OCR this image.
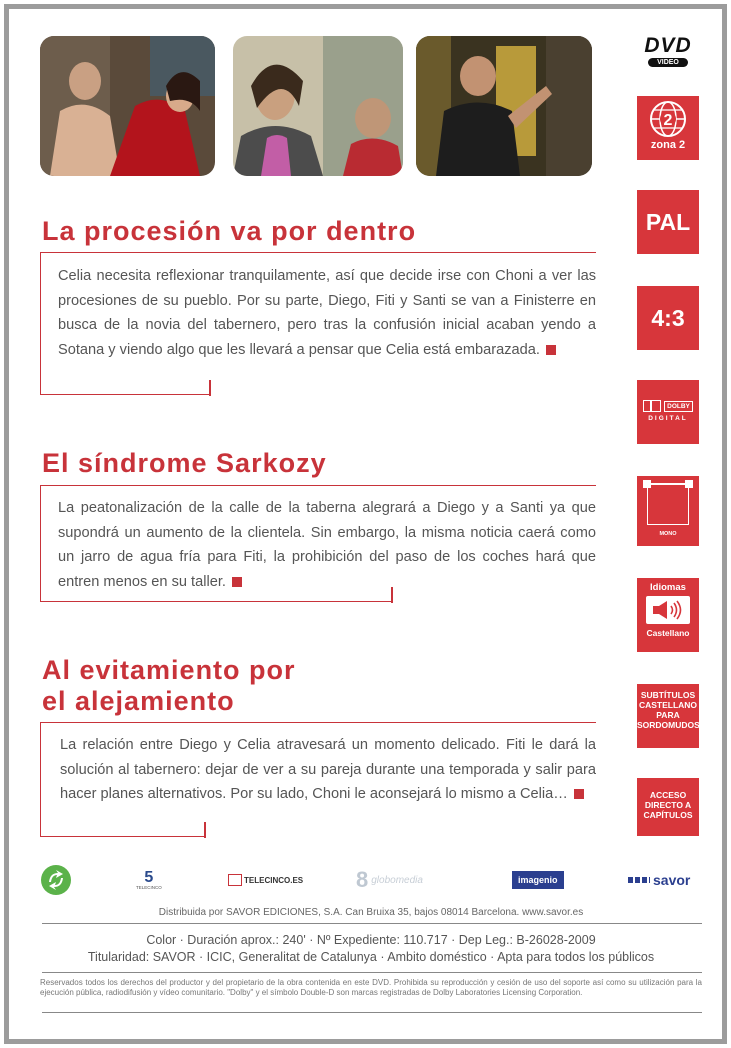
La procesión va por dentro

Celia necesita reflexionar tranquilamente, así que decide irse con Choni a ver las procesiones de su pueblo. Por su parte, Diego, Fiti y Santi se van a Finisterre en busca de la novia del tabernero, pero tras la confusión inicial acaban yendo a Sotana y viendo algo que les llevará a pensar que Celia está embarazada.

El síndrome Sarkozy

La peatonalización de la calle de la taberna alegrará a Diego y a Santi ya que supondrá un aumento de la clientela. Sin embargo, la misma noticia caerá como un jarro de agua fría para Fiti, la prohibición del paso de los coches hará que entren menos en su taller.

Al evitamiento por
el alejamiento

La relación entre Diego y Celia atravesará un momento delicado. Fiti le dará la solución al tabernero: dejar de ver a su pareja durante una temporada y salir para hacer planes alternativos. Por su lado, Choni le aconsejará lo mismo a Celia…

DVD
VIDEO
2
zona 2
PAL
4:3
DOLBY
DIGITAL
MONO
Idiomas
Castellano
SUBTÍTULOS
CASTELLANO
PARA
SORDOMUDOS
ACCESO
DIRECTO A
CAPÍTULOS
5
TELECINCO
TELECINCO.ES 8 globomedia	imagenio	savor
Distribuida por SAVOR EDICIONES, S.A. Can Bruixa 35, bajos 08014 Barcelona. www.savor.es
Color · Duración aprox.: 240' · Nº Expediente: 110.717 · Dep Leg.: B-26028-2009
Titularidad: SAVOR · ICIC, Generalitat de Catalunya · Ambito doméstico · Apta para todos los públicos
Reservados todos los derechos del productor y del propietario de la obra contenida en este DVD. Prohibida su reproducción y cesión de uso del soporte así como su utilización para la ejecución pública, radiodifusión y vídeo comunitario. "Dolby" y el símbolo Double-D son marcas registradas de Dolby Laboratories Licensing Corporation.
